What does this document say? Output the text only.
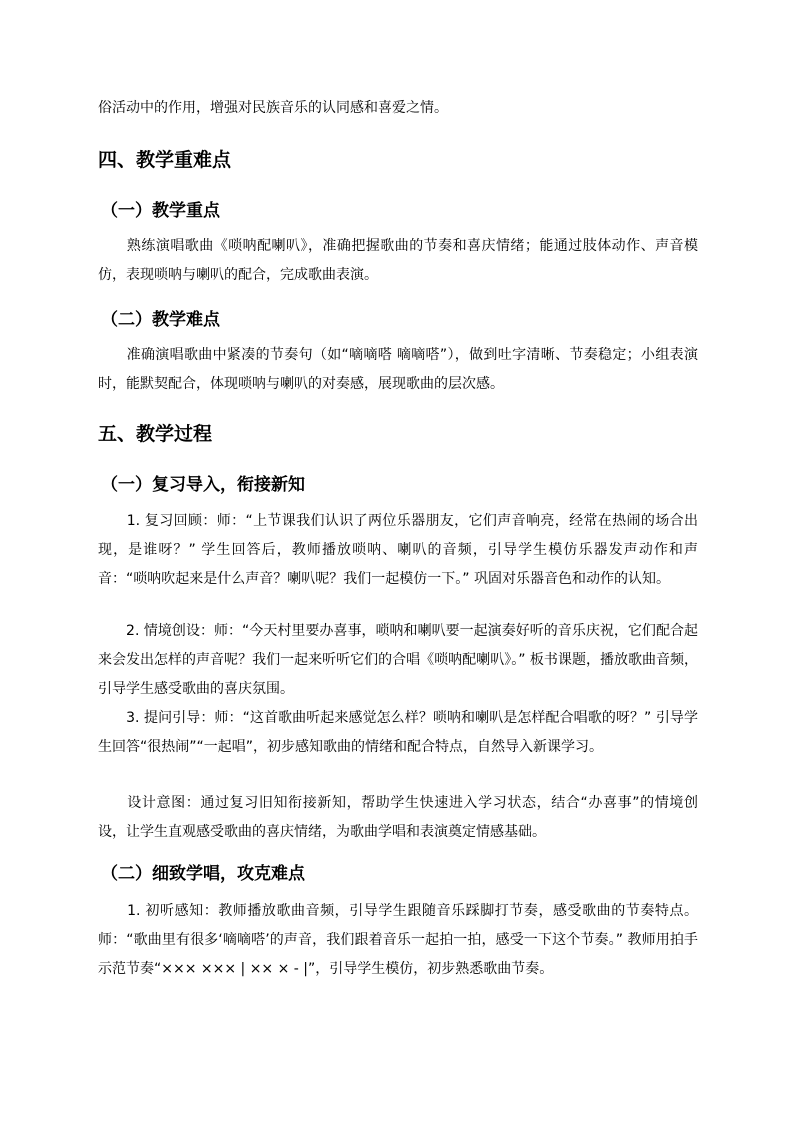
俗活动中的作用，增强对民族音乐的认同感和喜爱之情。

四、教学重难点
（一）教学重点

　　熟练演唱歌曲《唢呐配喇叭》，准确把握歌曲的节奏和喜庆情绪；能通过肢体动作、声音模仿，表现唢呐与喇叭的配合，完成歌曲表演。

（二）教学难点

　　准确演唱歌曲中紧凑的节奏句（如“嘀嘀嗒 嘀嘀嗒”），做到吐字清晰、节奏稳定；小组表演时，能默契配合，体现唢呐与喇叭的对奏感，展现歌曲的层次感。

五、教学过程
（一）复习导入，衔接新知

　　1. 复习回顾：师：“上节课我们认识了两位乐器朋友，它们声音响亮，经常在热闹的场合出现，是谁呀？” 学生回答后，教师播放唢呐、喇叭的音频，引导学生模仿乐器发声动作和声音：“唢呐吹起来是什么声音？喇叭呢？我们一起模仿一下。” 巩固对乐器音色和动作的认知。

　　2. 情境创设：师：“今天村里要办喜事，唢呐和喇叭要一起演奏好听的音乐庆祝，它们配合起来会发出怎样的声音呢？我们一起来听听它们的合唱《唢呐配喇叭》。” 板书课题，播放歌曲音频，引导学生感受歌曲的喜庆氛围。

　　3. 提问引导：师：“这首歌曲听起来感觉怎么样？唢呐和喇叭是怎样配合唱歌的呀？” 引导学生回答“很热闹”“一起唱”，初步感知歌曲的情绪和配合特点，自然导入新课学习。

　　设计意图：通过复习旧知衔接新知，帮助学生快速进入学习状态，结合“办喜事”的情境创设，让学生直观感受歌曲的喜庆情绪，为歌曲学唱和表演奠定情感基础。

（二）细致学唱，攻克难点

　　1. 初听感知：教师播放歌曲音频，引导学生跟随音乐踩脚打节奏，感受歌曲的节奏特点。师：“歌曲里有很多‘嘀嘀嗒’的声音，我们跟着音乐一起拍一拍，感受一下这个节奏。” 教师用拍手示范节奏“××× ××× | ×× × - |”，引导学生模仿，初步熟悉歌曲节奏。
